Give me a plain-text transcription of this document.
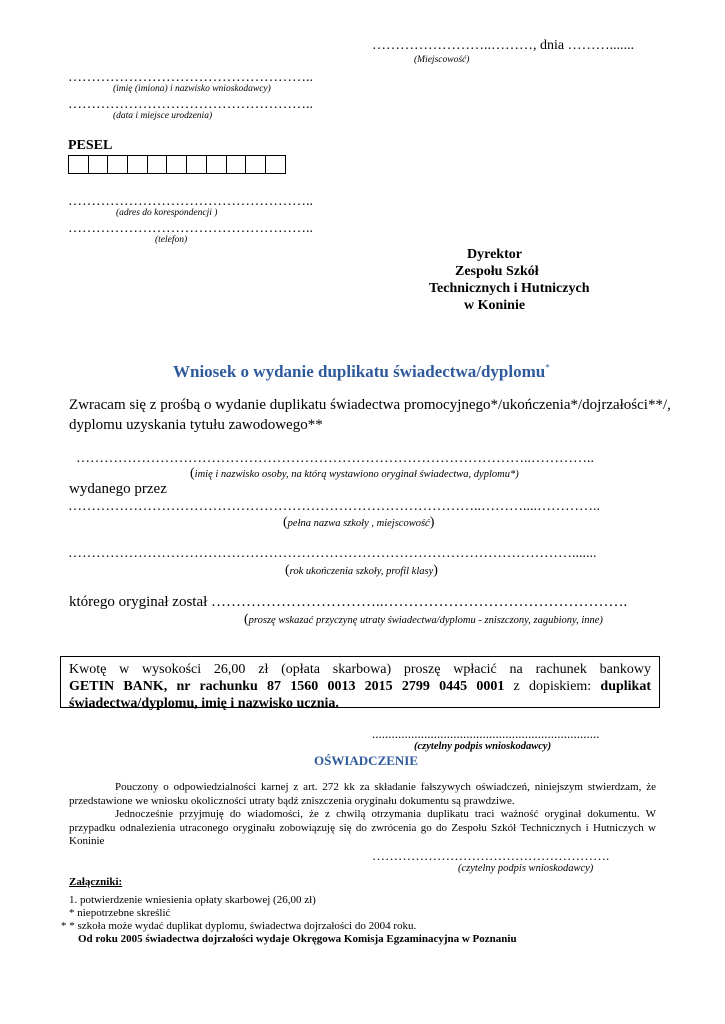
……………………..………, dnia ……….......
(Miejscowość)
……………………………………………..
(imię (imiona) i nazwisko wnioskodawcy)
……………………………………………..
(data i miejsce urodzenia)
PESEL
……………………………………………..
(adres do korespondencji )
……………………………………………..
(telefon)
Dyrektor
Zespołu Szkół
Technicznych i Hutniczych
w Koninie
Wniosek o wydanie duplikatu świadectwa/dyplomu*
Zwracam się z prośbą o wydanie duplikatu świadectwa promocyjnego*/ukończenia*/dojrzałości**/,
dyplomu uzyskania tytułu zawodowego**
……………………………………………………………………………………..…………..
(imię i nazwisko osoby, na którą wystawiono oryginał świadectwa, dyplomu*)
wydanego przez
……………………………………………………………………………..………....…………..
(pełna nazwa szkoły , miejscowość)
……………………………………………………………………………………………….......
(rok ukończenia szkoły, profil klasy)
którego oryginał został ……………………………..………………………………………….
(proszę wskazać przyczynę utraty świadectwa/dyplomu - zniszczony, zagubiony, inne)
Kwotę w wysokości 26,00 zł (opłata skarbowa) proszę wpłacić na rachunek bankowy
GETIN BANK, nr rachunku 87 1560 0013 2015 2799 0445 0001 z dopiskiem: duplikat
świadectwa/dyplomu, imię i nazwisko ucznia.
......................................................................
(czytelny podpis wnioskodawcy)
OŚWIADCZENIE
Pouczony o odpowiedzialności karnej z art. 272 kk za składanie fałszywych oświadczeń, niniejszym stwierdzam, że przedstawione we wniosku okoliczności utraty bądź zniszczenia oryginału dokumentu są prawdziwe.
Jednocześnie przyjmuję do wiadomości, że z chwilą otrzymania duplikatu traci ważność oryginał dokumentu. W przypadku odnalezienia utraconego oryginału zobowiązuję się do zwrócenia go do Zespołu Szkół Technicznych i Hutniczych w Koninie
……………………………………………….
(czytelny podpis wnioskodawcy)
Załączniki:
1. potwierdzenie wniesienia opłaty skarbowej (26,00 zł)
* niepotrzebne skreślić
* * szkoła może wydać duplikat dyplomu, świadectwa dojrzałości do 2004 roku.
Od roku 2005 świadectwa dojrzałości wydaje Okręgowa Komisja Egzaminacyjna w Poznaniu
